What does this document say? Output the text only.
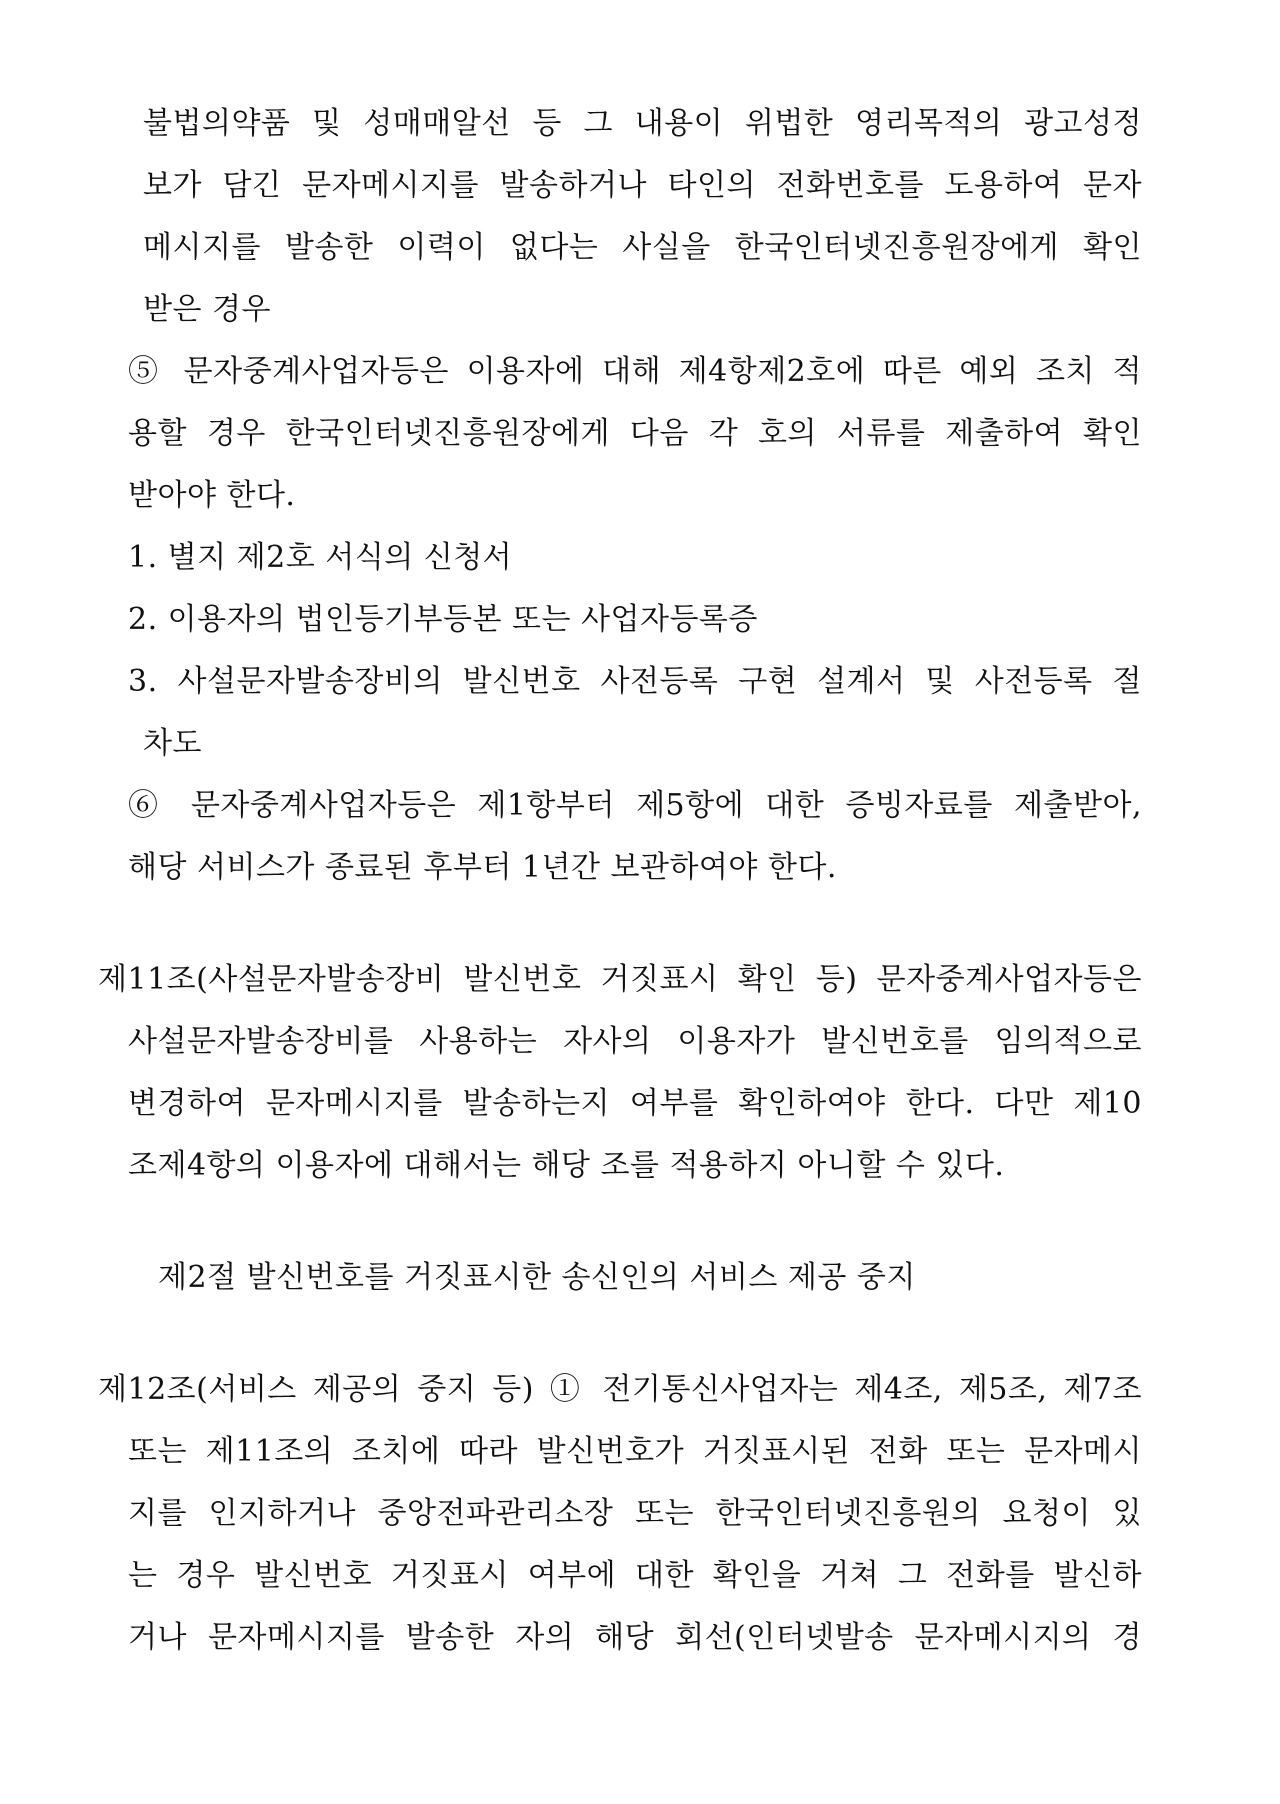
불법의약품 및 성매매알선 등 그 내용이 위법한 영리목적의 광고성정
보가 담긴 문자메시지를 발송하거나 타인의 전화번호를 도용하여 문자
메시지를 발송한 이력이 없다는 사실을 한국인터넷진흥원장에게 확인
받은 경우
⑤ 문자중계사업자등은 이용자에 대해 제4항제2호에 따른 예외 조치 적
용할 경우 한국인터넷진흥원장에게 다음 각 호의 서류를 제출하여 확인
받아야 한다.
1. 별지 제2호 서식의 신청서
2. 이용자의 법인등기부등본 또는 사업자등록증
3. 사설문자발송장비의 발신번호 사전등록 구현 설계서 및 사전등록 절
차도
⑥ 문자중계사업자등은 제1항부터 제5항에 대한 증빙자료를 제출받아,
해당 서비스가 종료된 후부터 1년간 보관하여야 한다.
제11조(사설문자발송장비 발신번호 거짓표시 확인 등) 문자중계사업자등은
사설문자발송장비를 사용하는 자사의 이용자가 발신번호를 임의적으로
변경하여 문자메시지를 발송하는지 여부를 확인하여야 한다. 다만 제10
조제4항의 이용자에 대해서는 해당 조를 적용하지 아니할 수 있다.
제2절 발신번호를 거짓표시한 송신인의 서비스 제공 중지
제12조(서비스 제공의 중지 등) ① 전기통신사업자는 제4조, 제5조, 제7조
또는 제11조의 조치에 따라 발신번호가 거짓표시된 전화 또는 문자메시
지를 인지하거나 중앙전파관리소장 또는 한국인터넷진흥원의 요청이 있
는 경우 발신번호 거짓표시 여부에 대한 확인을 거쳐 그 전화를 발신하
거나 문자메시지를 발송한 자의 해당 회선(인터넷발송 문자메시지의 경
